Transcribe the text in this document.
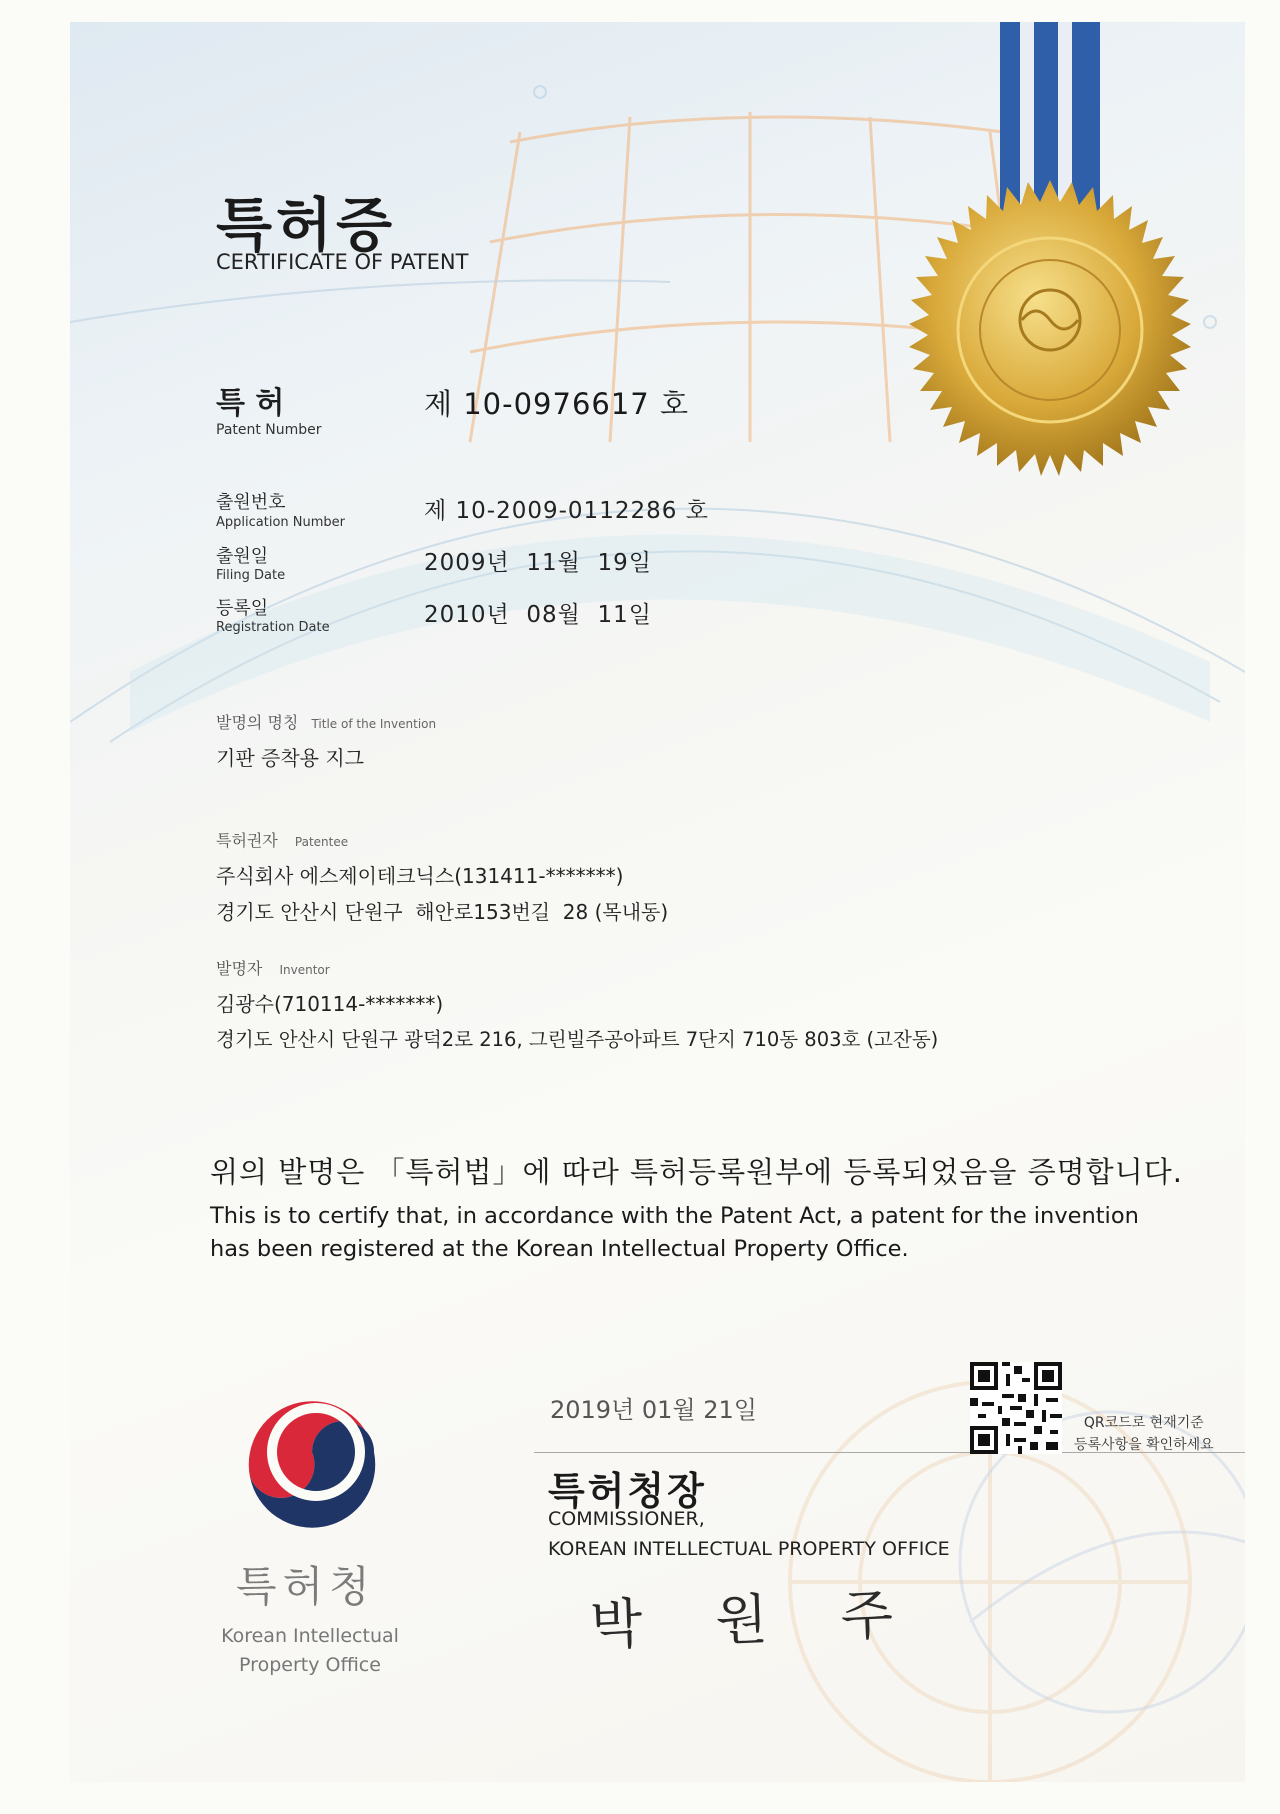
특허증
CERTIFICATE OF PATENT
특 허
Patent Number
제 10-0976617 호
출원번호
Application Number	제 10-2009-0112286 호
출원일
Filing Date	2009년  11월  19일
등록일
Registration Date	2010년  08월  11일
발명의 명칭 Title of the Invention
기판 증착용 지그
특허권자 Patentee
주식회사 에스제이테크닉스(131411-*******)
경기도 안산시 단원구  해안로153번길  28 (목내동)
발명자 Inventor
김광수(710114-*******)
경기도 안산시 단원구 광덕2로 216, 그린빌주공아파트 7단지 710동 803호 (고잔동)
위의 발명은 「특허법」에 따라 특허등록원부에 등록되었음을 증명합니다.
This is to certify that, in accordance with the Patent Act, a patent for the invention
has been registered at the Korean Intellectual Property Office.
2019년 01월 21일	QR코드로 현재기준
등록사항을 확인하세요
특허청장
COMMISSIONER,
KOREAN INTELLECTUAL PROPERTY OFFICE
박 원 주
특허청
Korean Intellectual
Property Office
